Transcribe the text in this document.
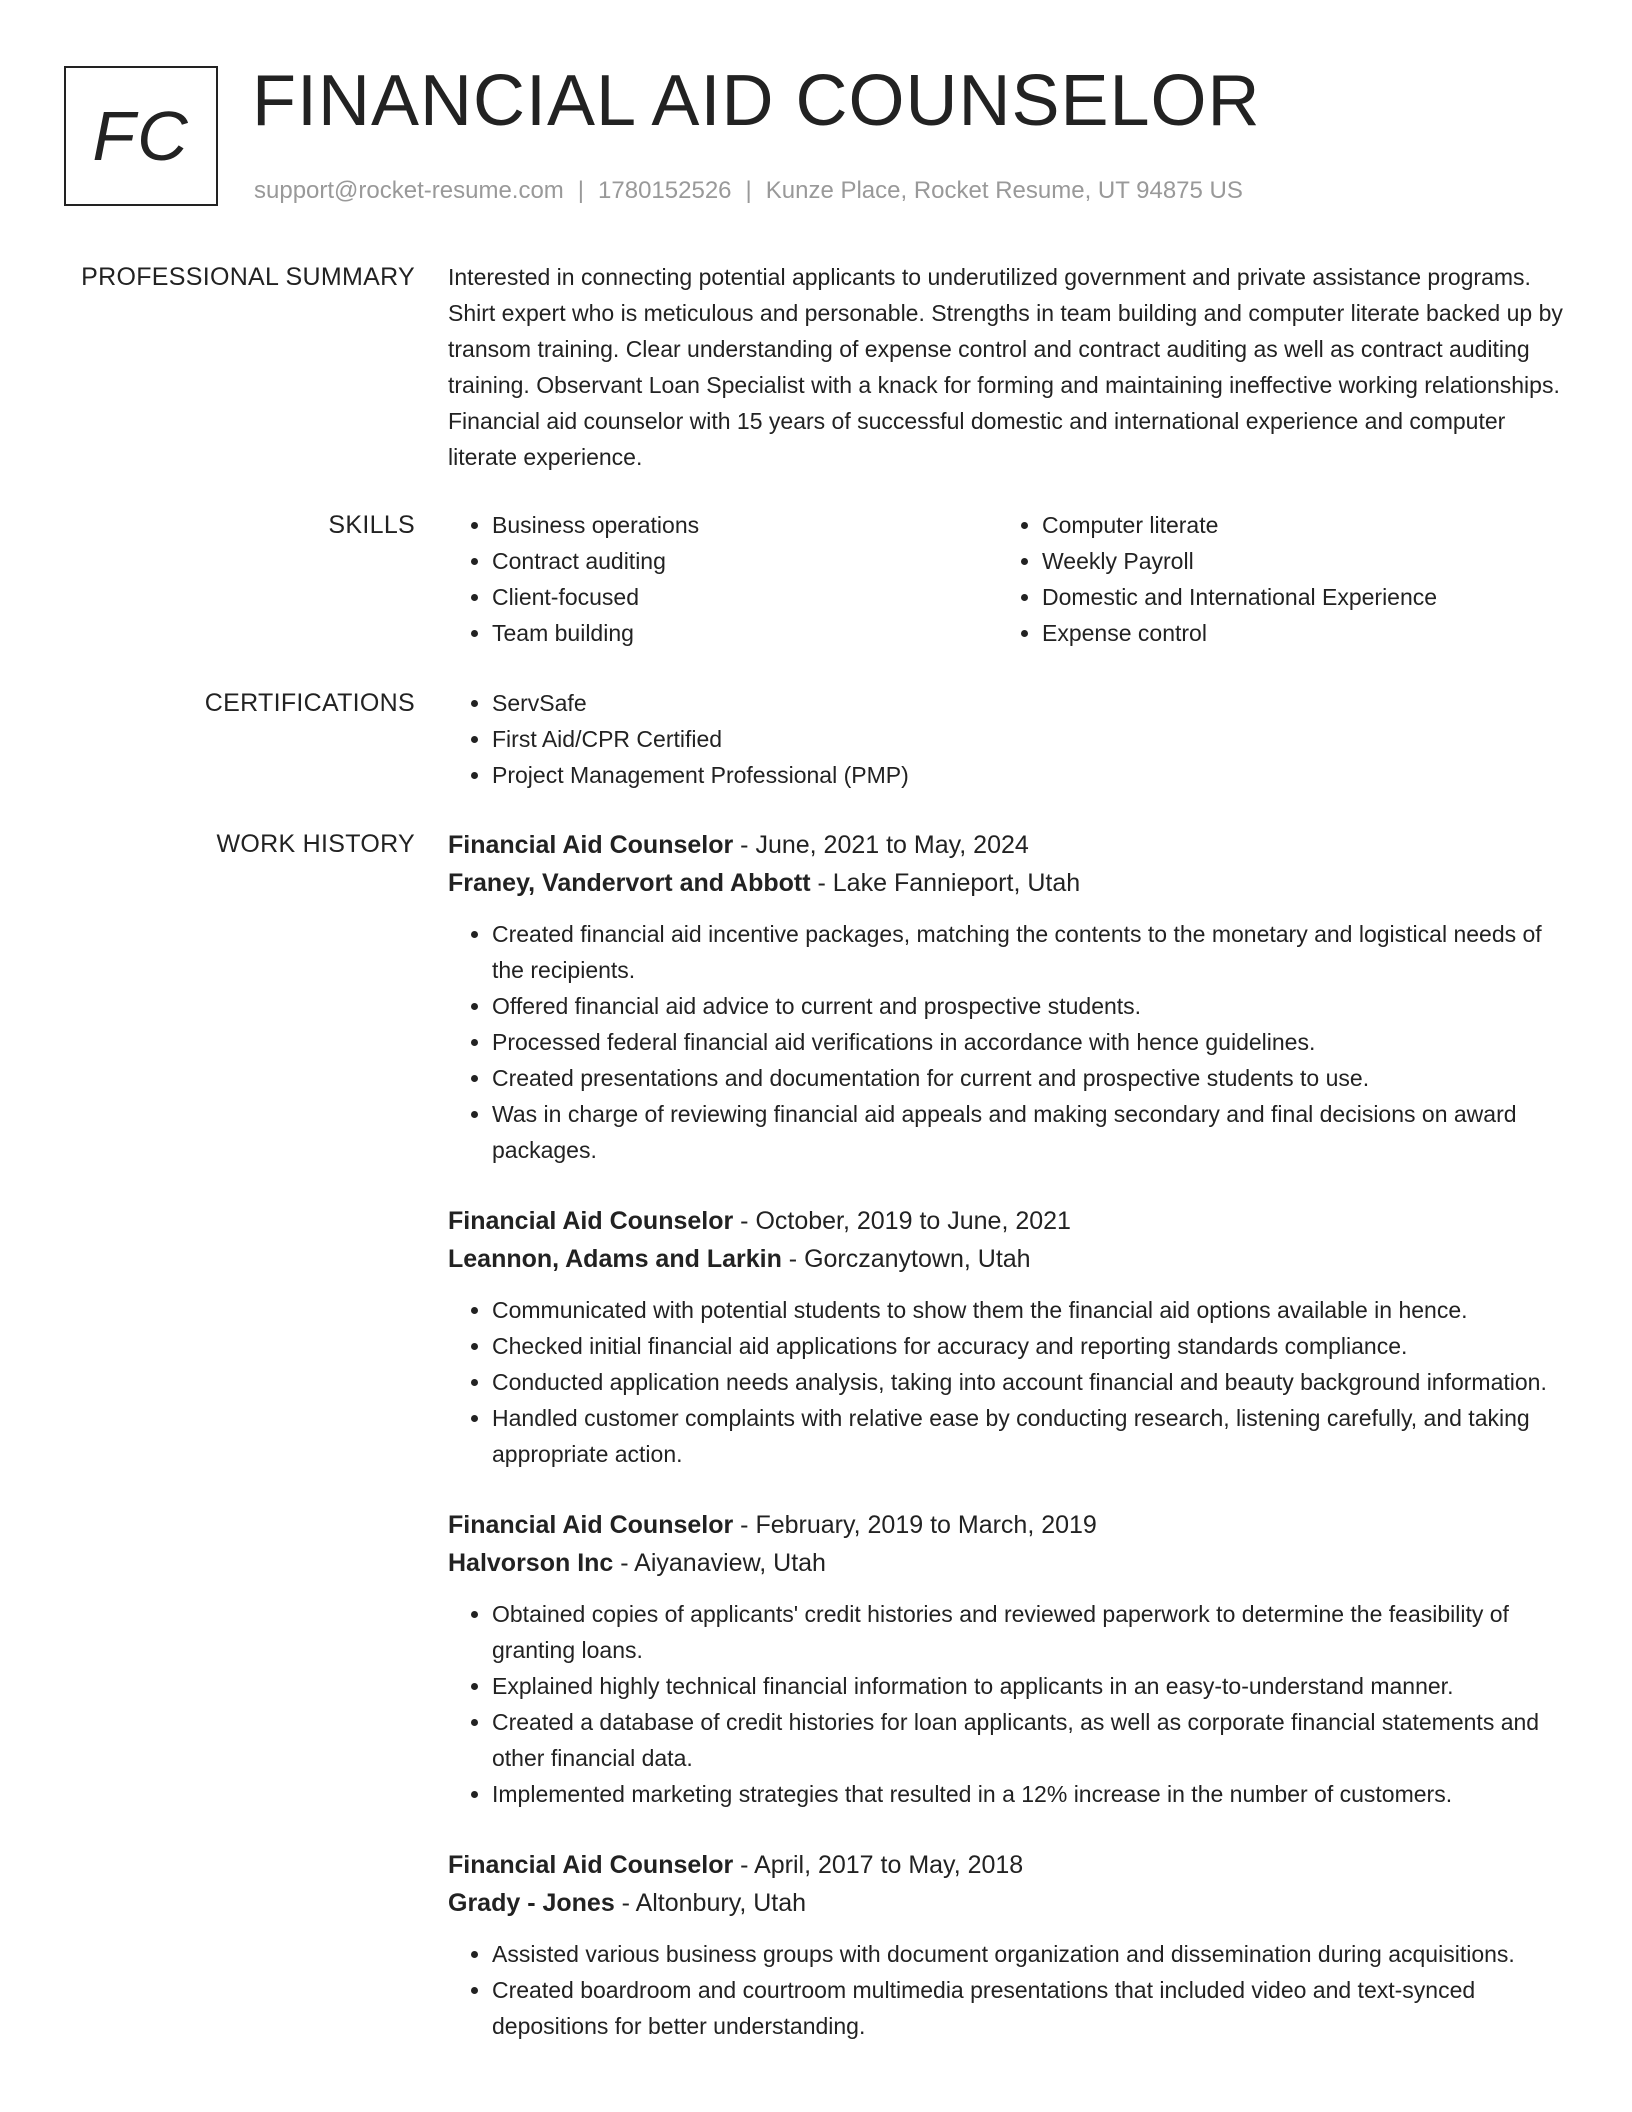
FC FINANCIAL AID COUNSELOR
support@rocket-resume.com | 1780152526 | Kunze Place, Rocket Resume, UT 94875 US
PROFESSIONAL SUMMARY Interested in connecting potential applicants to underutilized government and private assistance programs. Shirt expert who is meticulous and personable. Strengths in team building and computer literate backed up by transom training. Clear understanding of expense control and contract auditing as well as contract auditing training. Observant Loan Specialist with a knack for forming and maintaining ineffective working relationships. Financial aid counselor with 15 years of successful domestic and international experience and computer literate experience.

SKILLS	• Business operations
• Contract auditing
• Client-focused
• Team building
• Computer literate
• Weekly Payroll
• Domestic and International Experience
• Expense control
CERTIFICATIONS	• ServSafe
• First Aid/CPR Certified
• Project Management Professional (PMP)
WORK HISTORY Financial Aid Counselor - June, 2021 to May, 2024
Franey, Vandervort and Abbott - Lake Fannieport, Utah
• Created financial aid incentive packages, matching the contents to the monetary and logistical needs of the recipients.
• Offered financial aid advice to current and prospective students.
• Processed federal financial aid verifications in accordance with hence guidelines.
• Created presentations and documentation for current and prospective students to use.
• Was in charge of reviewing financial aid appeals and making secondary and final decisions on award packages.
Financial Aid Counselor - October, 2019 to June, 2021
Leannon, Adams and Larkin - Gorczanytown, Utah
• Communicated with potential students to show them the financial aid options available in hence.
• Checked initial financial aid applications for accuracy and reporting standards compliance.
• Conducted application needs analysis, taking into account financial and beauty background information.
• Handled customer complaints with relative ease by conducting research, listening carefully, and taking appropriate action.
Financial Aid Counselor - February, 2019 to March, 2019
Halvorson Inc - Aiyanaview, Utah
• Obtained copies of applicants' credit histories and reviewed paperwork to determine the feasibility of granting loans.
• Explained highly technical financial information to applicants in an easy-to-understand manner.
• Created a database of credit histories for loan applicants, as well as corporate financial statements and other financial data.
• Implemented marketing strategies that resulted in a 12% increase in the number of customers.
Financial Aid Counselor - April, 2017 to May, 2018
Grady - Jones - Altonbury, Utah
• Assisted various business groups with document organization and dissemination during acquisitions.
• Created boardroom and courtroom multimedia presentations that included video and text-synced depositions for better understanding.
